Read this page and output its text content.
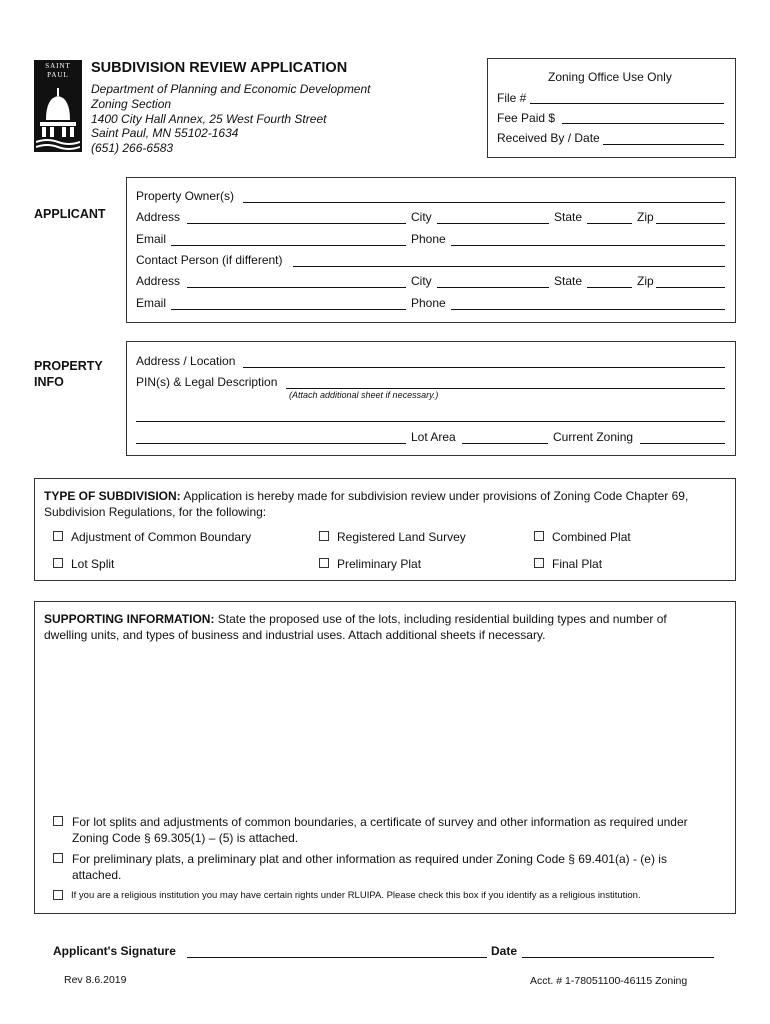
SAINT
PAUL	SUBDIVISION REVIEW APPLICATION
Department of Planning and Economic Development
Zoning Section
1400 City Hall Annex, 25 West Fourth Street
Saint Paul, MN 55102-1634
(651) 266-6583
Zoning Office Use Only
File #
Fee Paid $
Received By / Date
APPLICANT
Property Owner(s)
Address	City	State	Zip
Email	Phone
Contact Person (if different)
Address	City	State	Zip
Email	Phone
PROPERTY
INFO
Address / Location
PIN(s) & Legal Description
(Attach additional sheet if necessary.)
Lot Area	Current Zoning
TYPE OF SUBDIVISION: Application is hereby made for subdivision review under provisions of Zoning Code Chapter 69,
Subdivision Regulations, for the following:
Adjustment of Common Boundary	Registered Land Survey	Combined Plat
Lot Split	Preliminary Plat	Final Plat
SUPPORTING INFORMATION: State the proposed use of the lots, including residential building types and number of
dwelling units, and types of business and industrial uses. Attach additional sheets if necessary.
For lot splits and adjustments of common boundaries, a certificate of survey and other information as required under
Zoning Code § 69.305(1) – (5) is attached.
For preliminary plats, a preliminary plat and other information as required under Zoning Code § 69.401(a) - (e) is
attached.
If you are a religious institution you may have certain rights under RLUIPA. Please check this box if you identify as a religious institution.
Applicant's Signature	Date
Rev 8.6.2019	Acct. # 1-78051100-46115 Zoning
